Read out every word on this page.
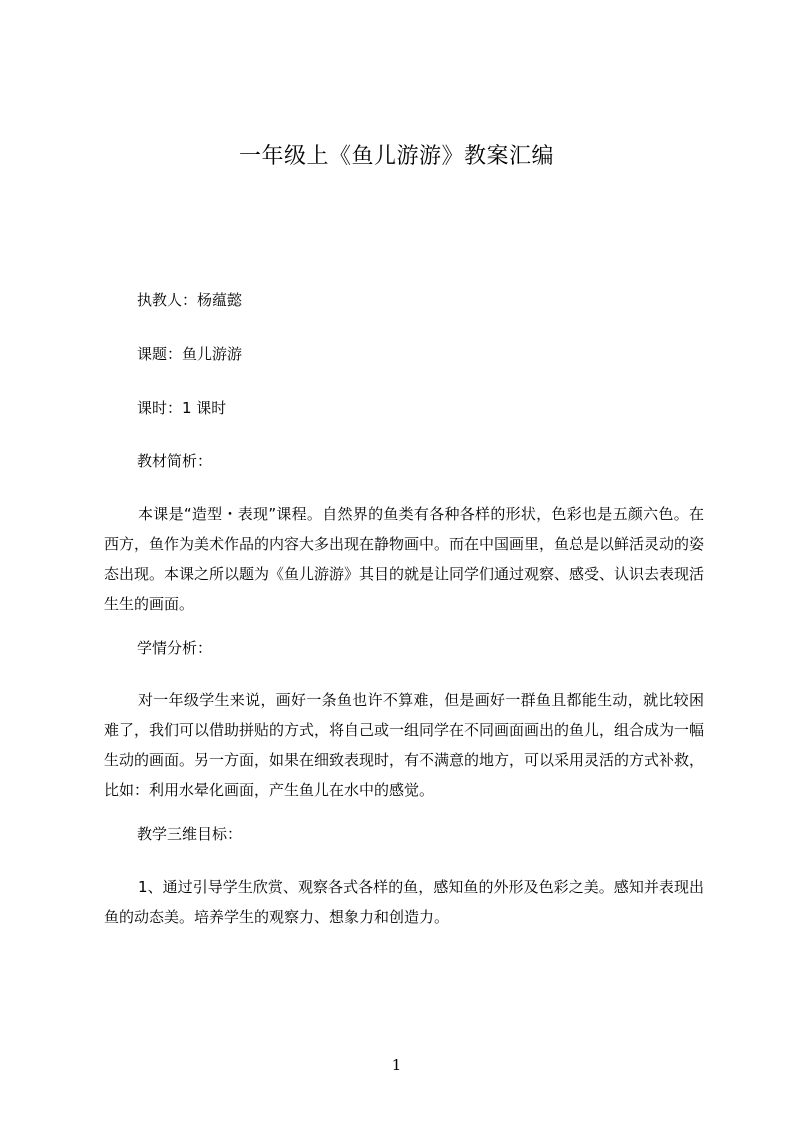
一年级上《鱼儿游游》教案汇编
执教人：杨蕴懿
课题：鱼儿游游
课时：1 课时
教材简析：
本课是“造型・表现”课程。自然界的鱼类有各种各样的形状，色彩也是五颜六色。在西方，鱼作为美术作品的内容大多出现在静物画中。而在中国画里，鱼总是以鲜活灵动的姿态出现。本课之所以题为《鱼儿游游》其目的就是让同学们通过观察、感受、认识去表现活生生的画面。
学情分析：
对一年级学生来说，画好一条鱼也许不算难，但是画好一群鱼且都能生动，就比较困难了，我们可以借助拼贴的方式，将自己或一组同学在不同画面画出的鱼儿，组合成为一幅生动的画面。另一方面，如果在细致表现时，有不满意的地方，可以采用灵活的方式补救，比如：利用水晕化画面，产生鱼儿在水中的感觉。
教学三维目标：
1、通过引导学生欣赏、观察各式各样的鱼，感知鱼的外形及色彩之美。感知并表现出鱼的动态美。培养学生的观察力、想象力和创造力。
1
